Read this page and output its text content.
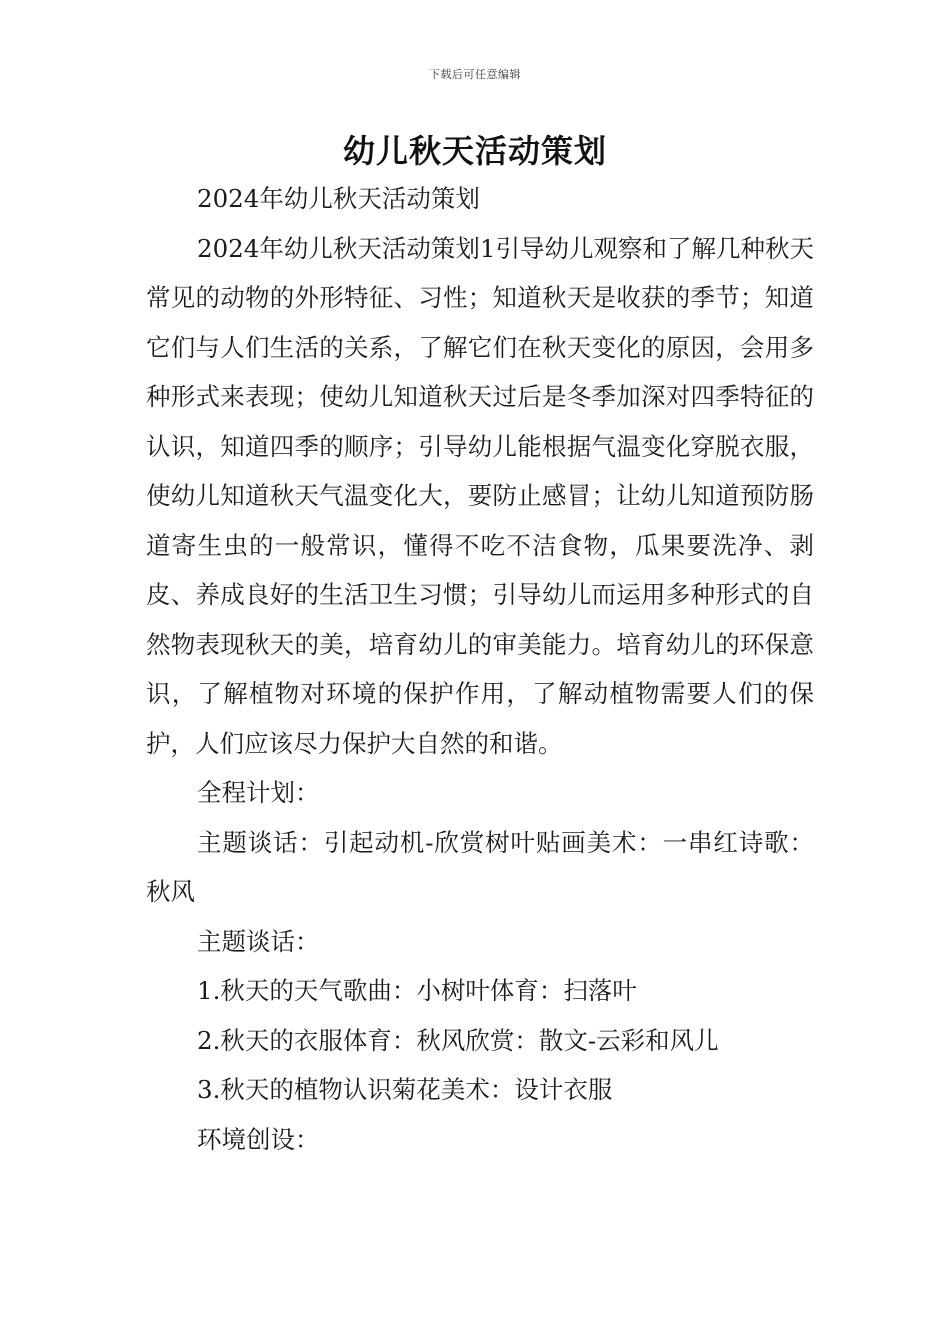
下载后可任意编辑
幼儿秋天活动策划

2024年幼儿秋天活动策划

2024年幼儿秋天活动策划1引导幼儿观察和了解几种秋天常见的动物的外形特征、习性；知道秋天是收获的季节；知道它们与人们生活的关系，了解它们在秋天变化的原因，会用多种形式来表现；使幼儿知道秋天过后是冬季加深对四季特征的认识，知道四季的顺序；引导幼儿能根据气温变化穿脱衣服，使幼儿知道秋天气温变化大，要防止感冒；让幼儿知道预防肠道寄生虫的一般常识，懂得不吃不洁食物，瓜果要洗净、剥皮、养成良好的生活卫生习惯；引导幼儿而运用多种形式的自然物表现秋天的美，培育幼儿的审美能力。培育幼儿的环保意识，了解植物对环境的保护作用，了解动植物需要人们的保护，人们应该尽力保护大自然的和谐。

全程计划：

主题谈话：引起动机-欣赏树叶贴画美术：一串红诗歌：秋风

主题谈话：

1.秋天的天气歌曲：小树叶体育：扫落叶

2.秋天的衣服体育：秋风欣赏：散文-云彩和风儿

3.秋天的植物认识菊花美术：设计衣服

环境创设：
